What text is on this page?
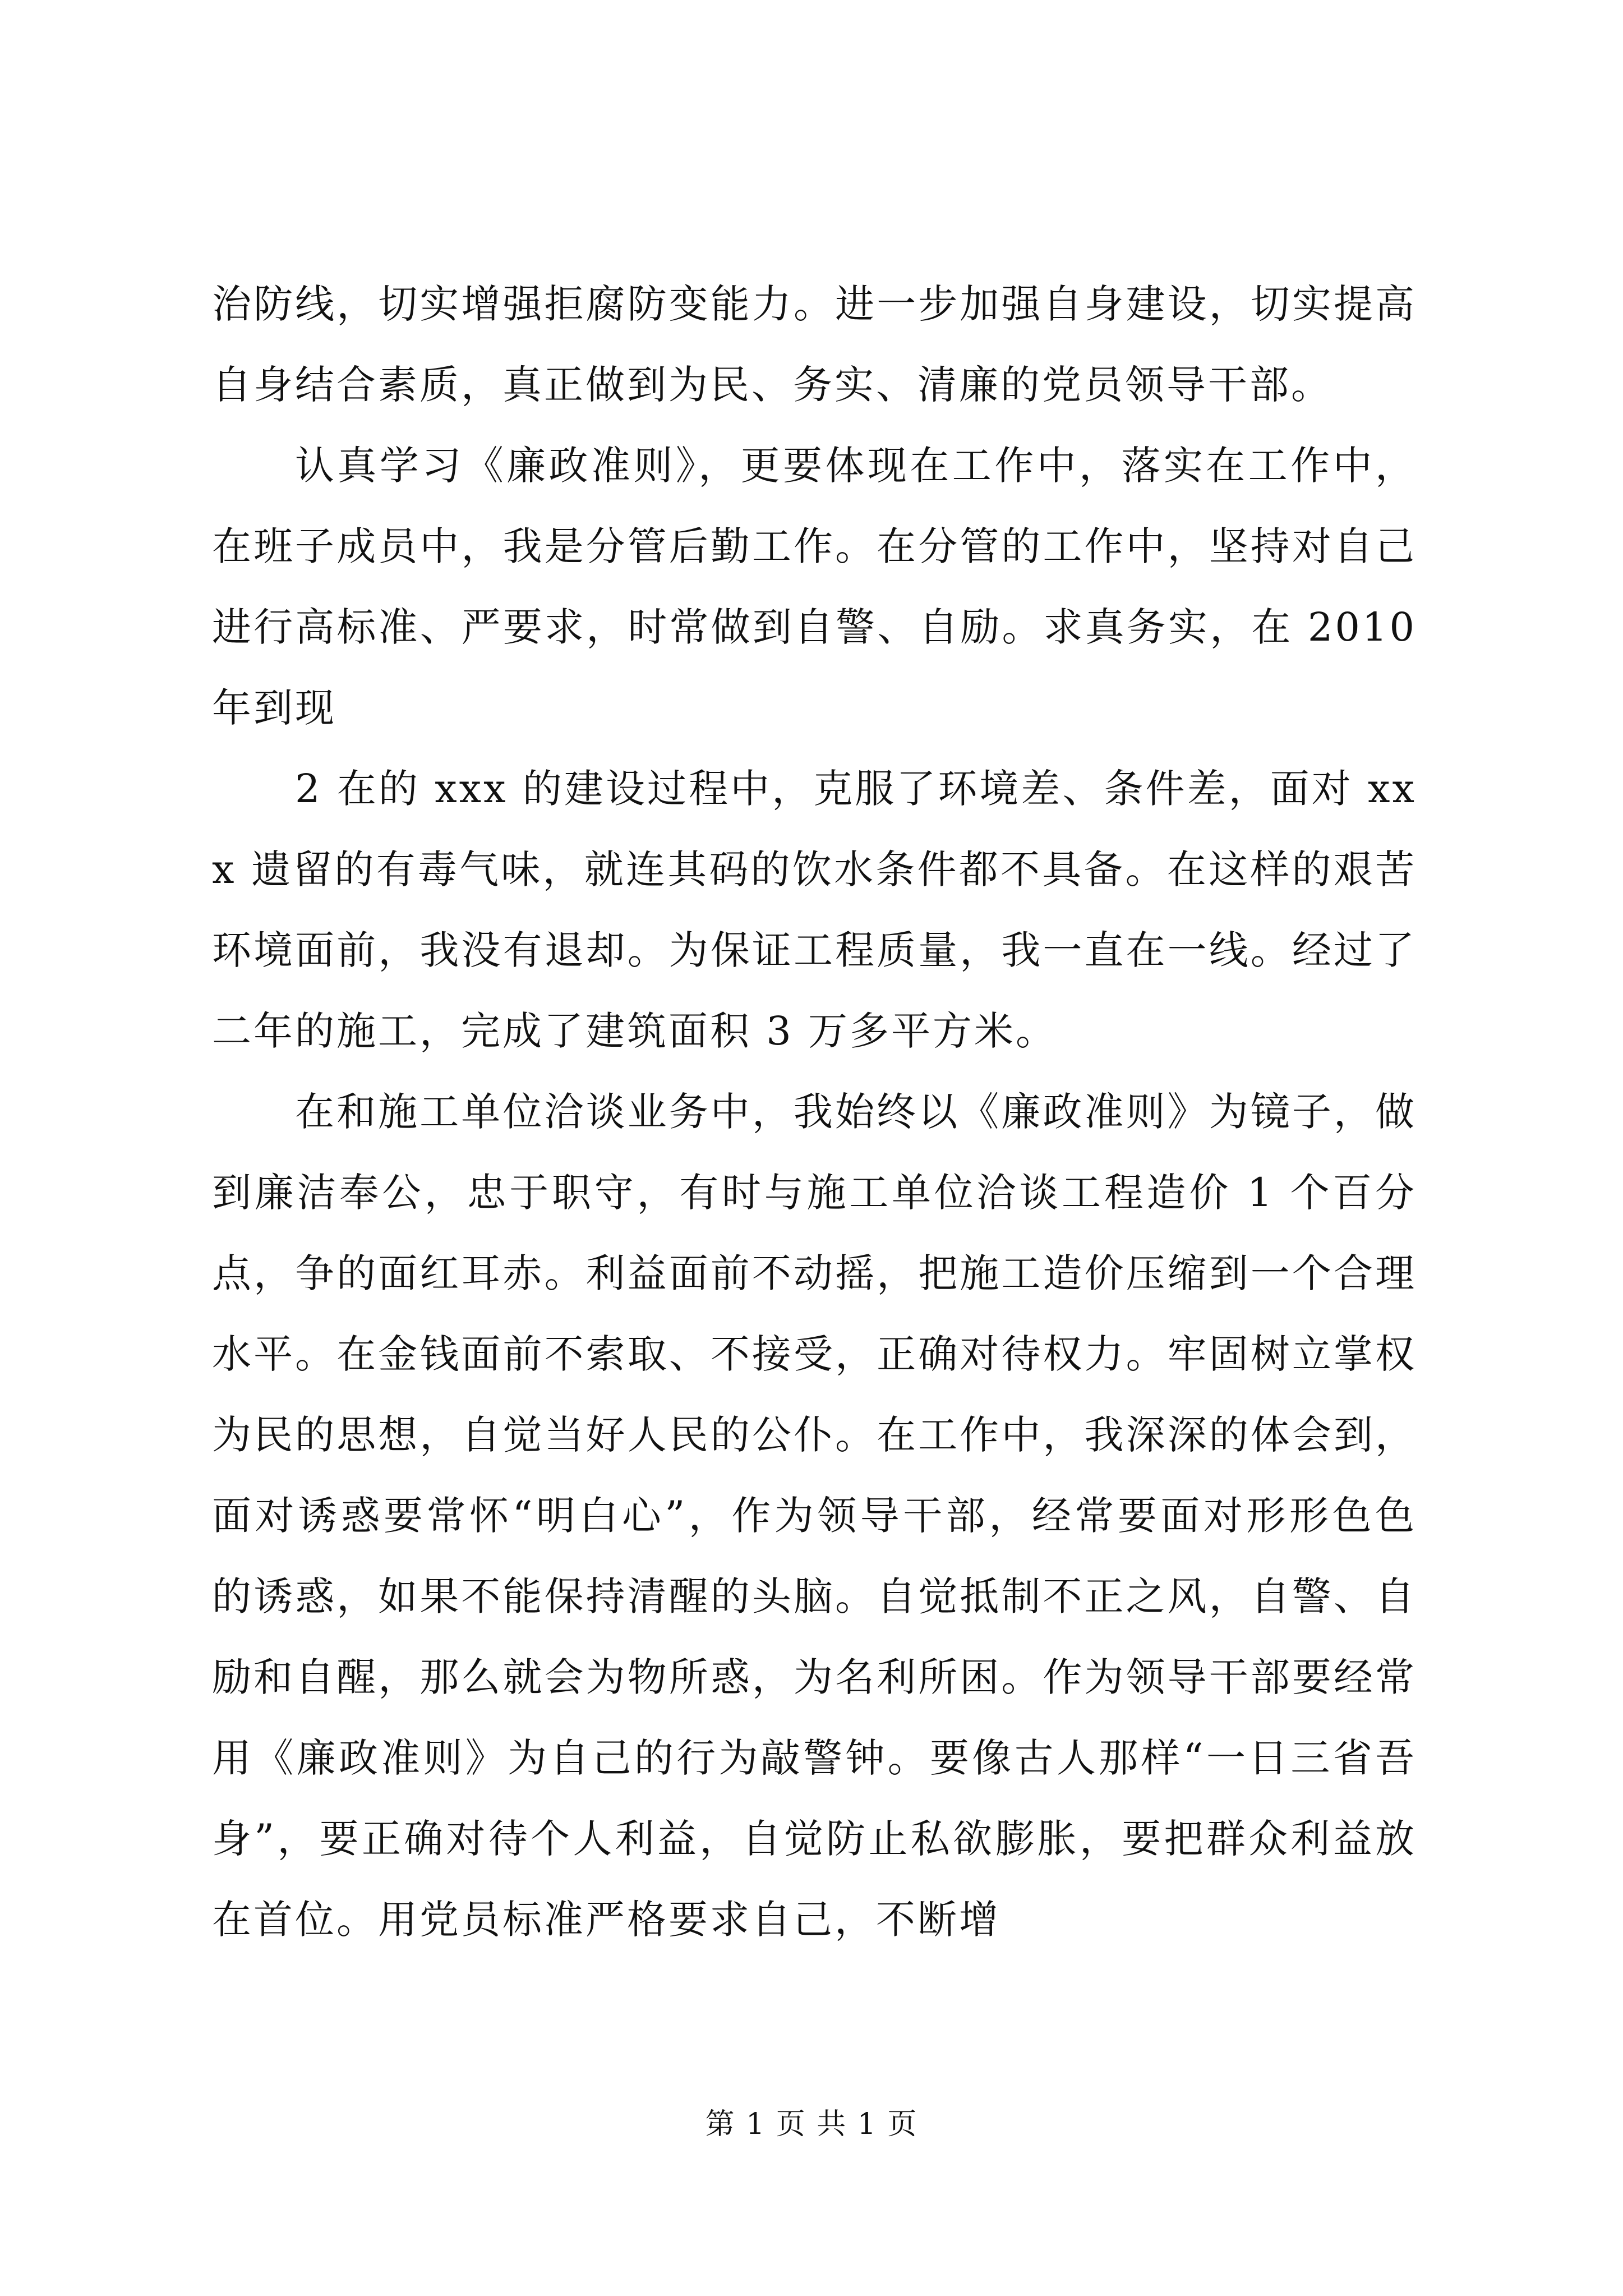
治防线，切实增强拒腐防变能力。进一步加强自身建设，切实提高自身结合素质，真正做到为民、务实、清廉的党员领导干部。

认真学习《廉政准则》，更要体现在工作中，落实在工作中，在班子成员中，我是分管后勤工作。在分管的工作中，坚持对自己进行高标准、严要求，时常做到自警、自励。求真务实，在 2010 年到现

2 在的 xxx 的建设过程中，克服了环境差、条件差，面对 xxx 遗留的有毒气味，就连其码的饮水条件都不具备。在这样的艰苦环境面前，我没有退却。为保证工程质量，我一直在一线。经过了二年的施工，完成了建筑面积 3 万多平方米。

在和施工单位洽谈业务中，我始终以《廉政准则》为镜子，做到廉洁奉公，忠于职守，有时与施工单位洽谈工程造价 1 个百分点，争的面红耳赤。利益面前不动摇，把施工造价压缩到一个合理水平。在金钱面前不索取、不接受，正确对待权力。牢固树立掌权为民的思想，自觉当好人民的公仆。在工作中，我深深的体会到，面对诱惑要常怀“明白心”，作为领导干部，经常要面对形形色色的诱惑，如果不能保持清醒的头脑。自觉抵制不正之风，自警、自励和自醒，那么就会为物所惑，为名利所困。作为领导干部要经常用《廉政准则》为自己的行为敲警钟。要像古人那样“一日三省吾身”，要正确对待个人利益，自觉防止私欲膨胀，要把群众利益放在首位。用党员标准严格要求自己，不断增

第 1 页 共 1 页
